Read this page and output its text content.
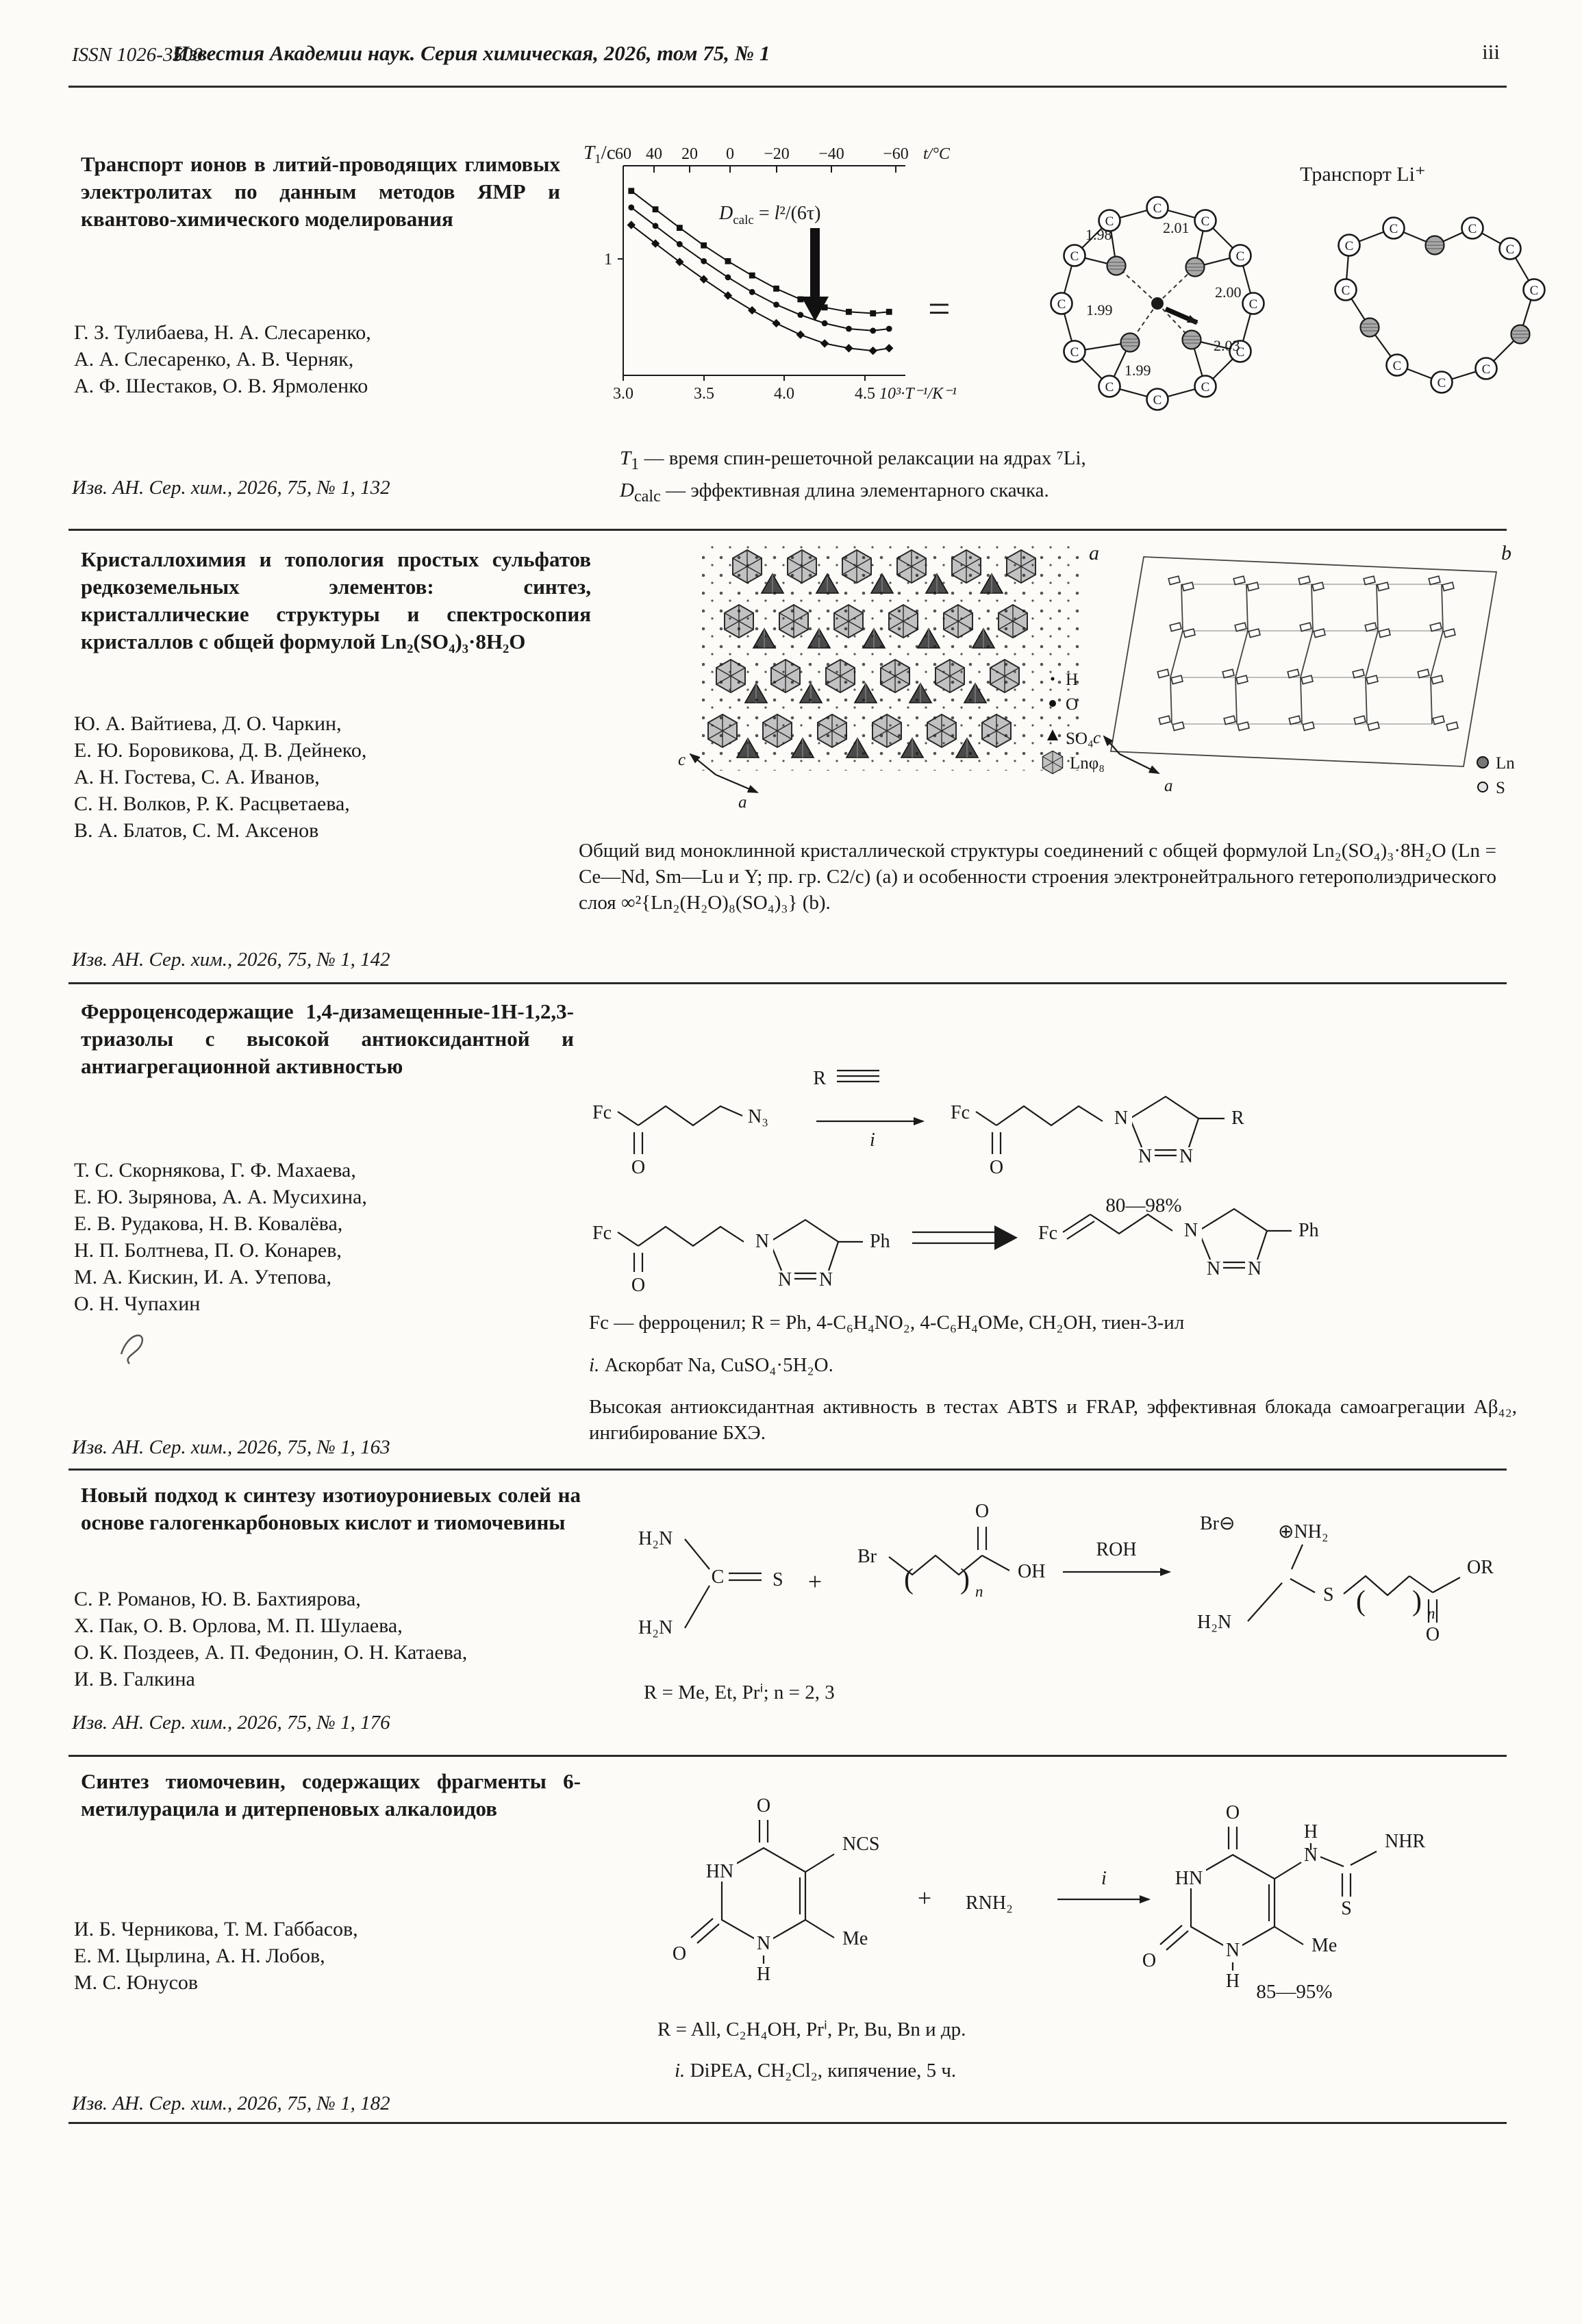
ISSN 1026-3500
Известия Академии наук. Серия химическая, 2026, том 75, № 1	iii
Транспорт ионов в литий-проводящих глимовых электролитах по данным методов ЯМР и квантово-химического моделирования
Г. З. Тулибаева, Н. А. Слесаренко,
А. А. Слесаренко, А. В. Черняк,
А. Ф. Шестаков, О. В. Ярмоленко
Изв. АН. Сер. хим., 2026, 75, № 1, 132
60 40 20 0 −20 −40 −60 t/°C
$T_1/c$
1
3.0	3.5	4.0	4.5 10³·T⁻¹/K⁻¹
$D_{calc} = l^2/(6\tau)$
=
Транспорт Li⁺
1.98	2.01
2.00
1.99
2.03
1.99
$T_1$ — время спин-решеточной релаксации на ядрах ⁷Li,
$D_{calc}$ — эффективная длина элементарного скачка.
Кристаллохимия и топология простых сульфатов редкоземельных элементов: синтез, кристаллические структуры и спектроскопия кристаллов с общей формулой Ln₂(SO₄)₃·8H₂O
Ю. А. Вайтиева, Д. О. Чаркин,
Е. Ю. Боровикова, Д. В. Дейнеко,
А. Н. Гостева, С. А. Иванов,
С. Н. Волков, Р. К. Расцветаева,
В. А. Блатов, С. М. Аксенов
Изв. АН. Сер. хим., 2026, 75, № 1, 142
a
c
a
H
O
SO₄
Lnφ₈
b
c
a
Ln
S
Общий вид моноклинной кристаллической структуры соединений с общей формулой Ln₂(SO₄)₃·8H₂O (Ln = Ce—Nd, Sm—Lu и Y; пр. гр. C2/c) (a) и особенности строения электронейтрального гетерополиэдрического слоя ∞²{Ln₂(H₂O)₈(SO₄)₃} (b).
Ферроценсодержащие 1,4-дизамещенные-1H-1,2,3-триазолы с высокой антиоксидантной и антиагрегационной активностью
Т. С. Скорнякова, Г. Ф. Махаева,
Е. Ю. Зырянова, А. А. Мусихина,
Е. В. Рудакова, Н. В. Ковалёва,
Н. П. Болтнева, П. О. Конарев,
М. А. Кискин, И. А. Утепова,
О. Н. Чупахин
Изв. АН. Сер. хим., 2026, 75, № 1, 163
Fc
O
N₃
R
i
Fc
O
N
N N
R
80—98%
Fc
O
N
N N
Ph	Fc	N
N N
Ph
Fc — ферроценил; R = Ph, 4-C₆H₄NO₂, 4-C₆H₄OMe, CH₂OH, тиен-3-ил
i. Аскорбат Na, CuSO₄·5H₂O.
Высокая антиоксидантная активность в тестах ABTS и FRAP, эффективная блокада самоагрегации Aβ₄₂, ингибирование БХЭ.
Новый подход к синтезу изотиоурониевых солей на основе галогенкарбоновых кислот и тиомочевины
С. Р. Романов, Ю. В. Бахтиярова,
Х. Пак, О. В. Орлова, М. П. Шулаева,
О. К. Поздеев, А. П. Федонин, О. Н. Катаева,
И. В. Галкина
Изв. АН. Сер. хим., 2026, 75, № 1, 176
H₂N
H₂N
C	S +
Br
( ) n
O
OH
ROH
Br⊖ ⊕NH₂
H₂N
S ( ) n
O
OR
R = Me, Et, Prⁱ; n = 2, 3
Синтез тиомочевин, содержащих фрагменты 6-метилурацила и дитерпеновых алкалоидов
И. Б. Черникова, Т. М. Габбасов,
Е. М. Цырлина, А. Н. Лобов,
М. С. Юнусов
Изв. АН. Сер. хим., 2026, 75, № 1, 182
O
HN
O	N
H
Me
NCS
+ RNH₂
i
O
HN
O	N
H
Me
N
H
S
NHR
85—95%
R = All, C₂H₄OH, Prⁱ, Pr, Bu, Bn и др.
i. DiPEA, CH₂Cl₂, кипячение, 5 ч.
